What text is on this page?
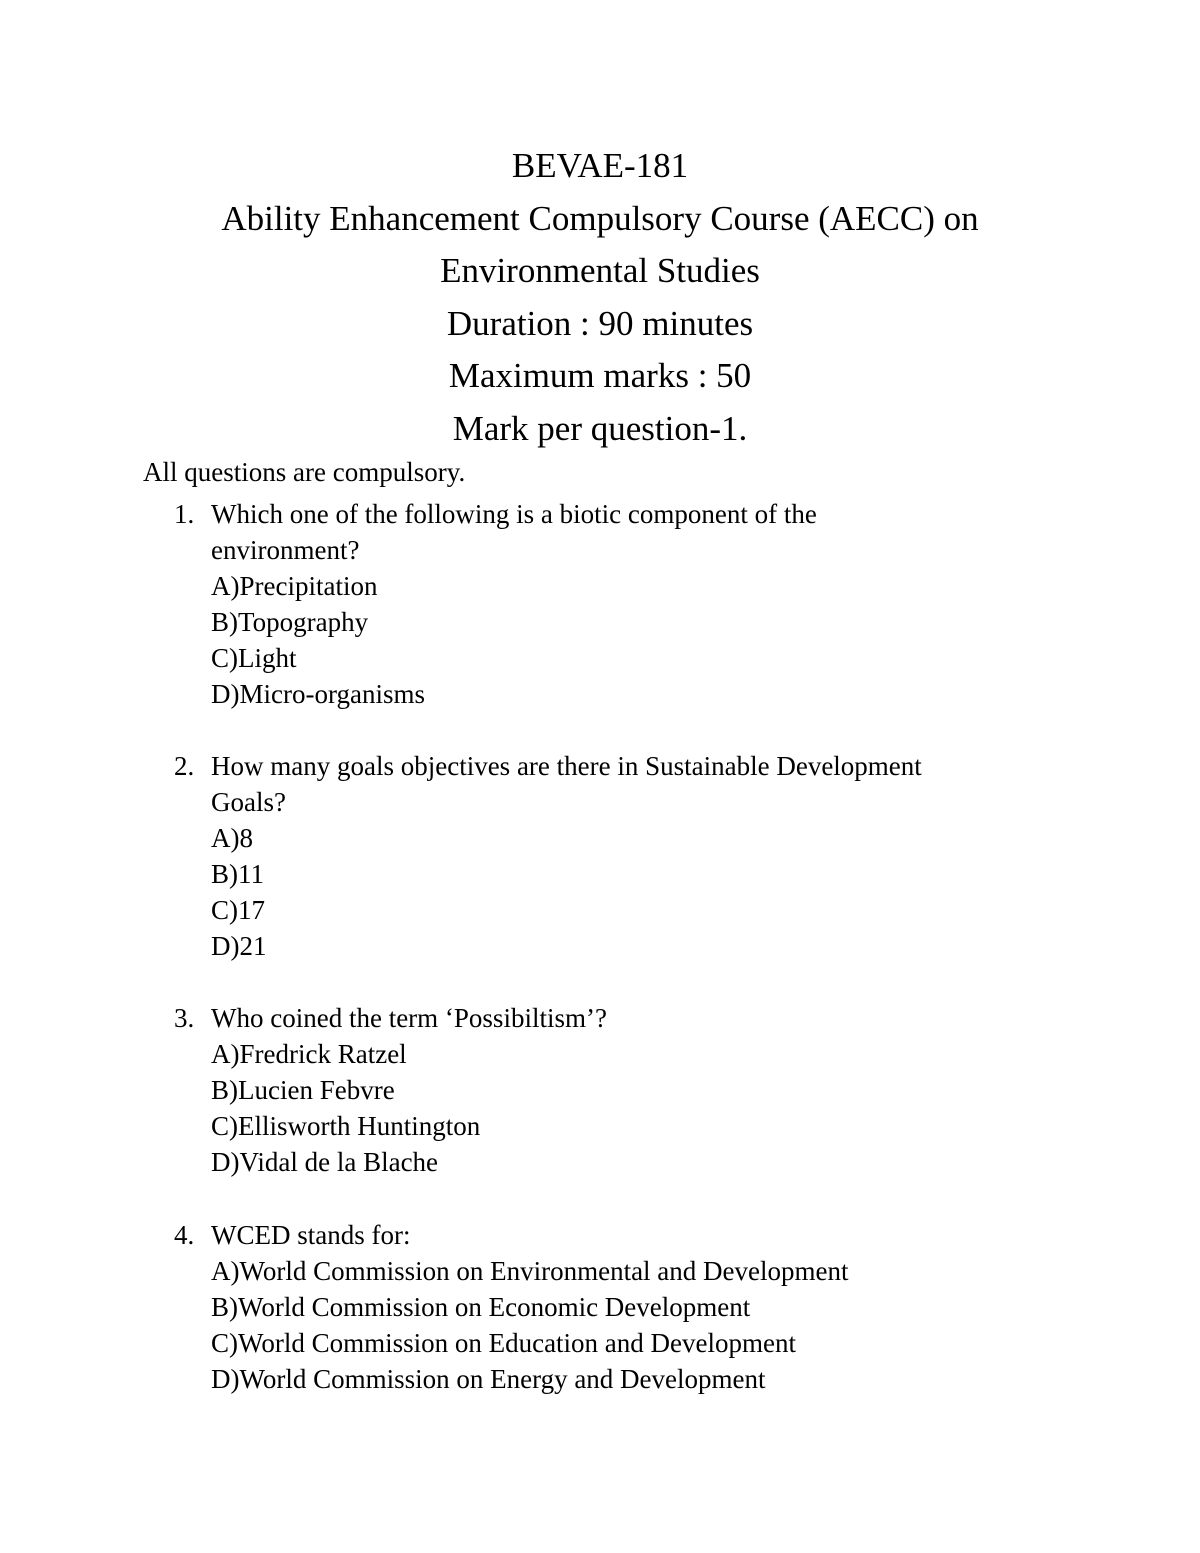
BEVAE-181
Ability Enhancement Compulsory Course (AECC) on
Environmental Studies
Duration : 90 minutes
Maximum marks : 50
Mark per question-1.
All questions are compulsory.
1. Which one of the following is a biotic component of the
environment?
A)Precipitation
B)Topography
C)Light
D)Micro-organisms
2. How many goals objectives are there in Sustainable Development
Goals?
A)8
B)11
C)17
D)21
3. Who coined the term ‘Possibiltism’?
A)Fredrick Ratzel
B)Lucien Febvre
C)Ellisworth Huntington
D)Vidal de la Blache
4. WCED stands for:
A)World Commission on Environmental and Development
B)World Commission on Economic Development
C)World Commission on Education and Development
D)World Commission on Energy and Development
